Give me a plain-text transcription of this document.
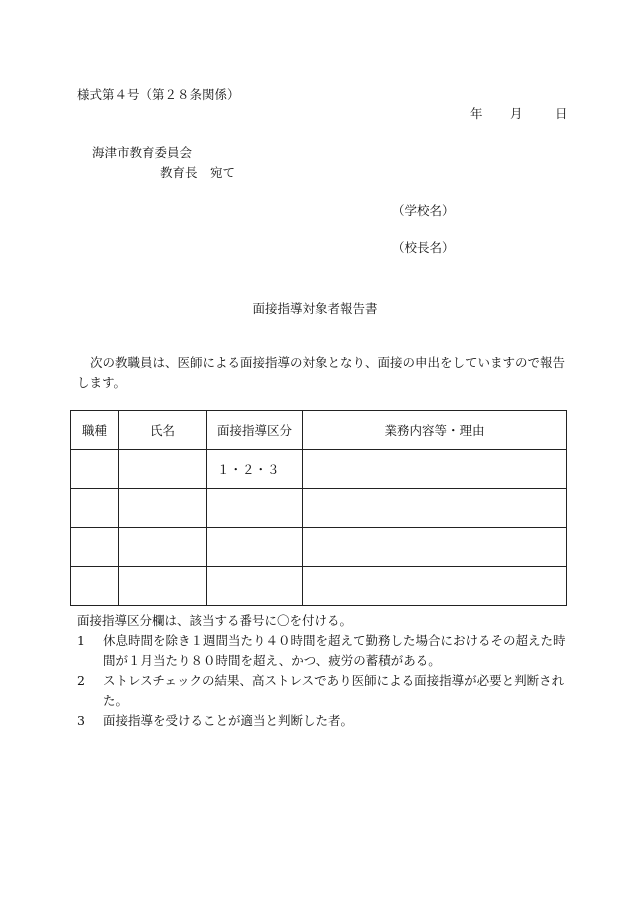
様式第４号（第２８条関係）
年 月	日
海津市教育委員会
教育長　宛て
（学校名）
（校長名）
面接指導対象者報告書
次の教職員は、医師による面接指導の対象となり、面接の申出をしていますので報告します。
職種	氏名	面接指導区分	業務内容等・理由
		１・２・３	

面接指導区分欄は、該当する番号に〇を付ける。
1 休息時間を除き１週間当たり４０時間を超えて勤務した場合におけるその超えた時間が１月当たり８０時間を超え、かつ、疲労の蓄積がある。
2 ストレスチェックの結果、高ストレスであり医師による面接指導が必要と判断された。
3 面接指導を受けることが適当と判断した者。
